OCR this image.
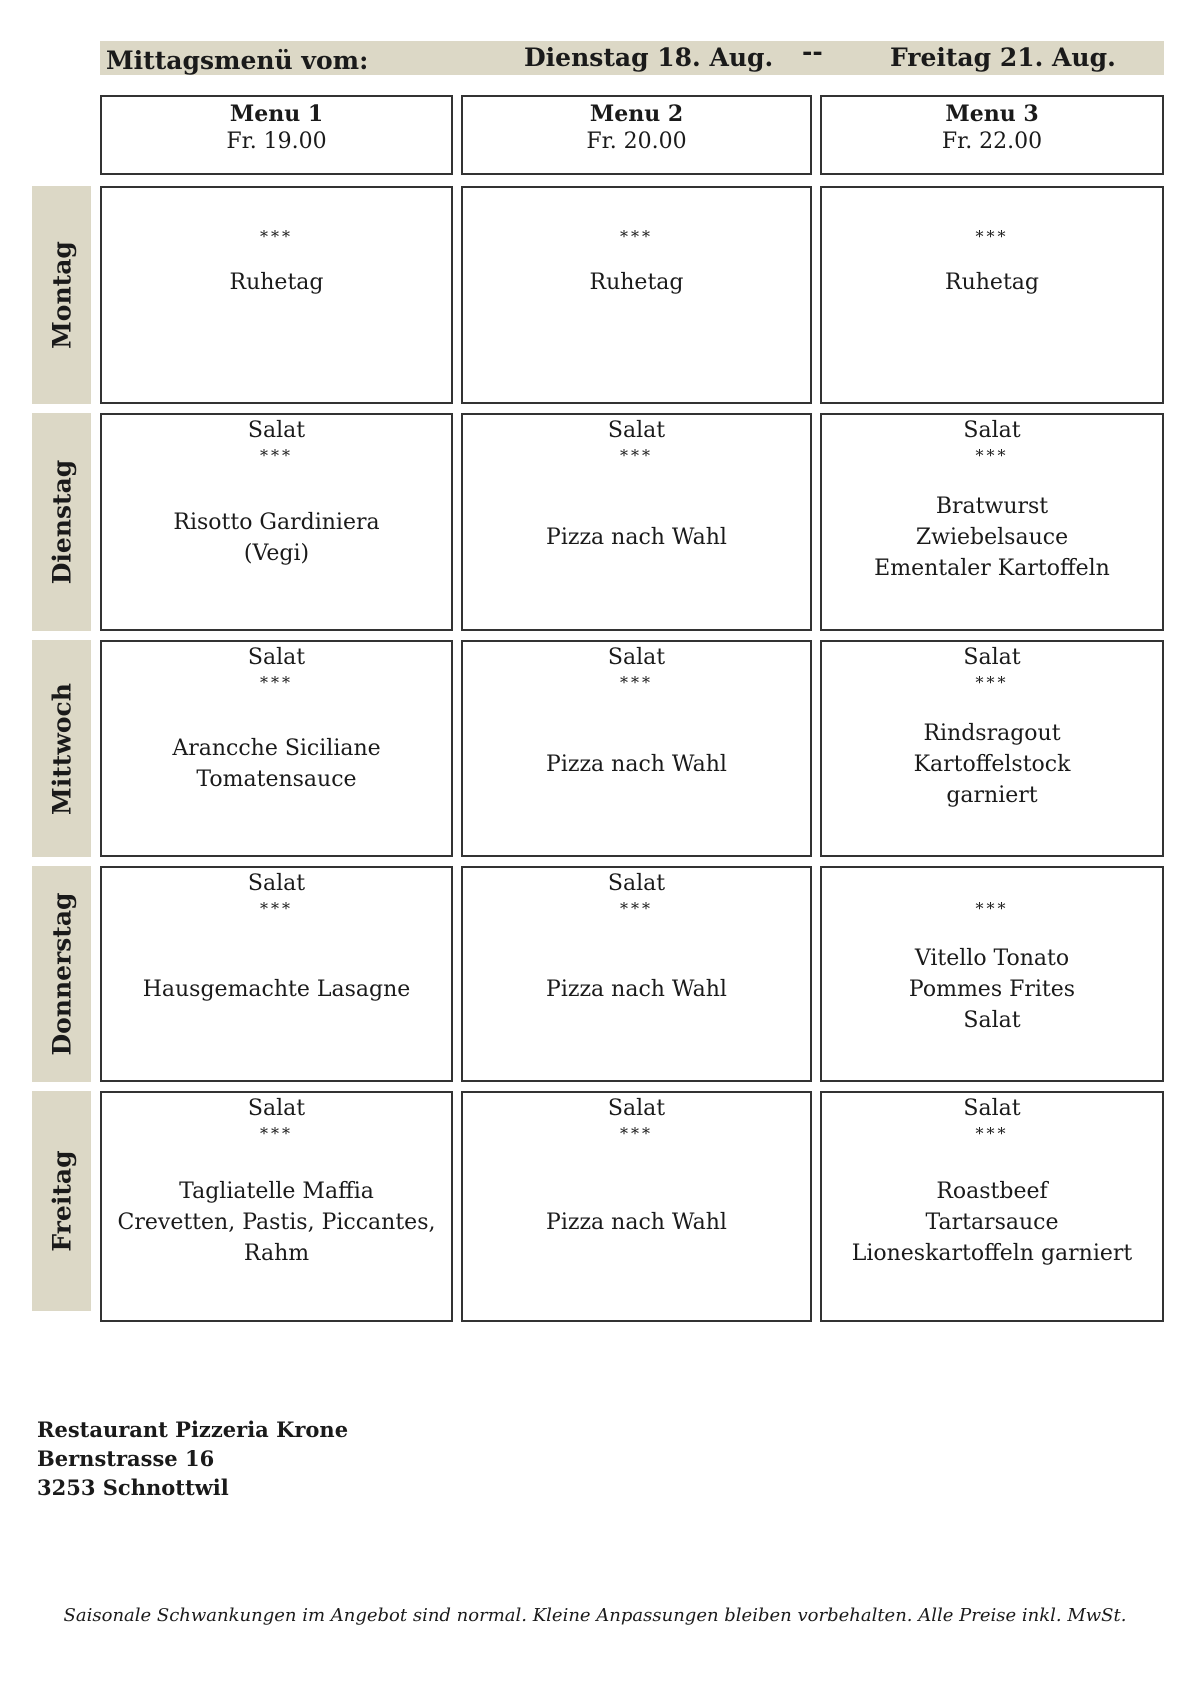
Mittagsmenü vom:	Dienstag 18. Aug. --	Freitag 21. Aug.
Menu 1
Fr. 19.00
Menu 2
Fr. 20.00
Menu 3
Fr. 22.00
Montag
***
Ruhetag
***
Ruhetag
***
Ruhetag
Dienstag
Salat
***
Risotto Gardiniera
(Vegi)
Salat
***
Pizza nach Wahl
Salat
***
Bratwurst
Zwiebelsauce
Ementaler Kartoffeln
Mittwoch
Salat
***
Arancche Siciliane
Tomatensauce
Salat
***
Pizza nach Wahl
Salat
***
Rindsragout
Kartoffelstock
garniert
Donnerstag
Salat
***
Hausgemachte Lasagne
Salat
***
Pizza nach Wahl
***
Vitello Tonato
Pommes Frites
Salat
Freitag
Salat
***
Tagliatelle Maffia
Crevetten, Pastis, Piccantes,
Rahm
Salat
***
Pizza nach Wahl
Salat
***
Roastbeef
Tartarsauce
Lioneskartoffeln garniert
Restaurant Pizzeria Krone
Bernstrasse 16
3253 Schnottwil
Saisonale Schwankungen im Angebot sind normal. Kleine Anpassungen bleiben vorbehalten. Alle Preise inkl. MwSt.
